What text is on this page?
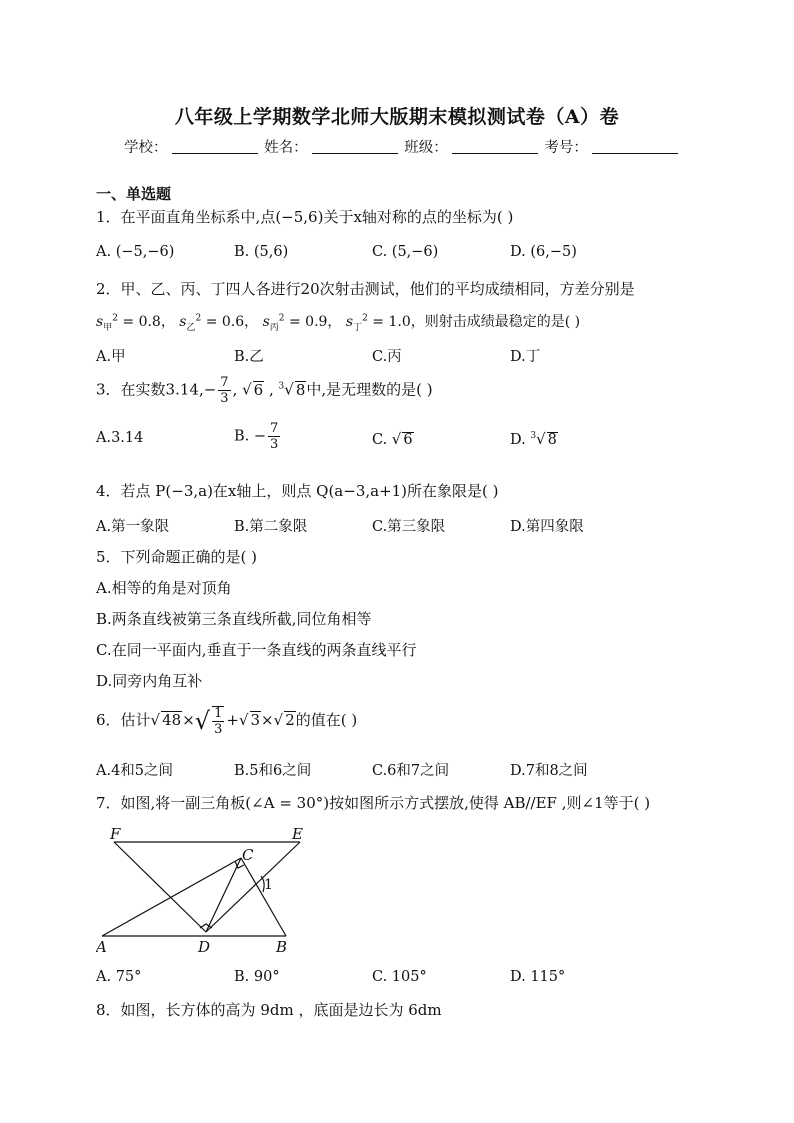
八年级上学期数学北师大版期末模拟测试卷（A）卷
学校：	姓名：	班级：	考号：
一、单选题
1．在平面直角坐标系中,点(−5,6)关于x轴对称的点的坐标为( )
A. (−5,−6)	B. (5,6)	C. (5,−6)	D. (6,−5)
2．甲、乙、丙、丁四人各进行20次射击测试，他们的平均成绩相同，方差分别是
$s_甲^2 = 0.8$， $s_乙^2 = 0.6$， $s_丙^2 = 0.9$， $s_丁^2 = 1.0$，则射击成绩最稳定的是( )
A.甲	B.乙	C.丙	D.丁
3．在实数$3.14,- \frac{7}{3}$ , √ 6 , $^3$√ 8中,是无理数的是( )
A.3.14	B. − $\frac{7}{3}$	C. √ 6	D. $^3$√ 8
4．若点 P(−3,a)在x轴上，则点 Q(a−3,a+1)所在象限是( )
A.第一象限	B.第二象限	C.第三象限	D.第四象限
5．下列命题正确的是( )
A.相等的角是对顶角
B.两条直线被第三条直线所截,同位角相等
C.在同一平面内,垂直于一条直线的两条直线平行
D.同旁内角互补
6．估计√ $48\times√ \frac{1}{3}$ +√ 3×√ 2的值在( )
A.4和5之间	B.5和6之间	C.6和7之间	D.7和8之间
7．如图,将一副三角板(∠A = 30°)按如图所示方式摆放,使得 AB//EF ,则∠1等于( )
F	E
C
A	D	B
1
A. 75°	B. 90°	C. 105°	D. 115°
8．如图，长方体的高为 9dm ，底面是边长为 6dm
